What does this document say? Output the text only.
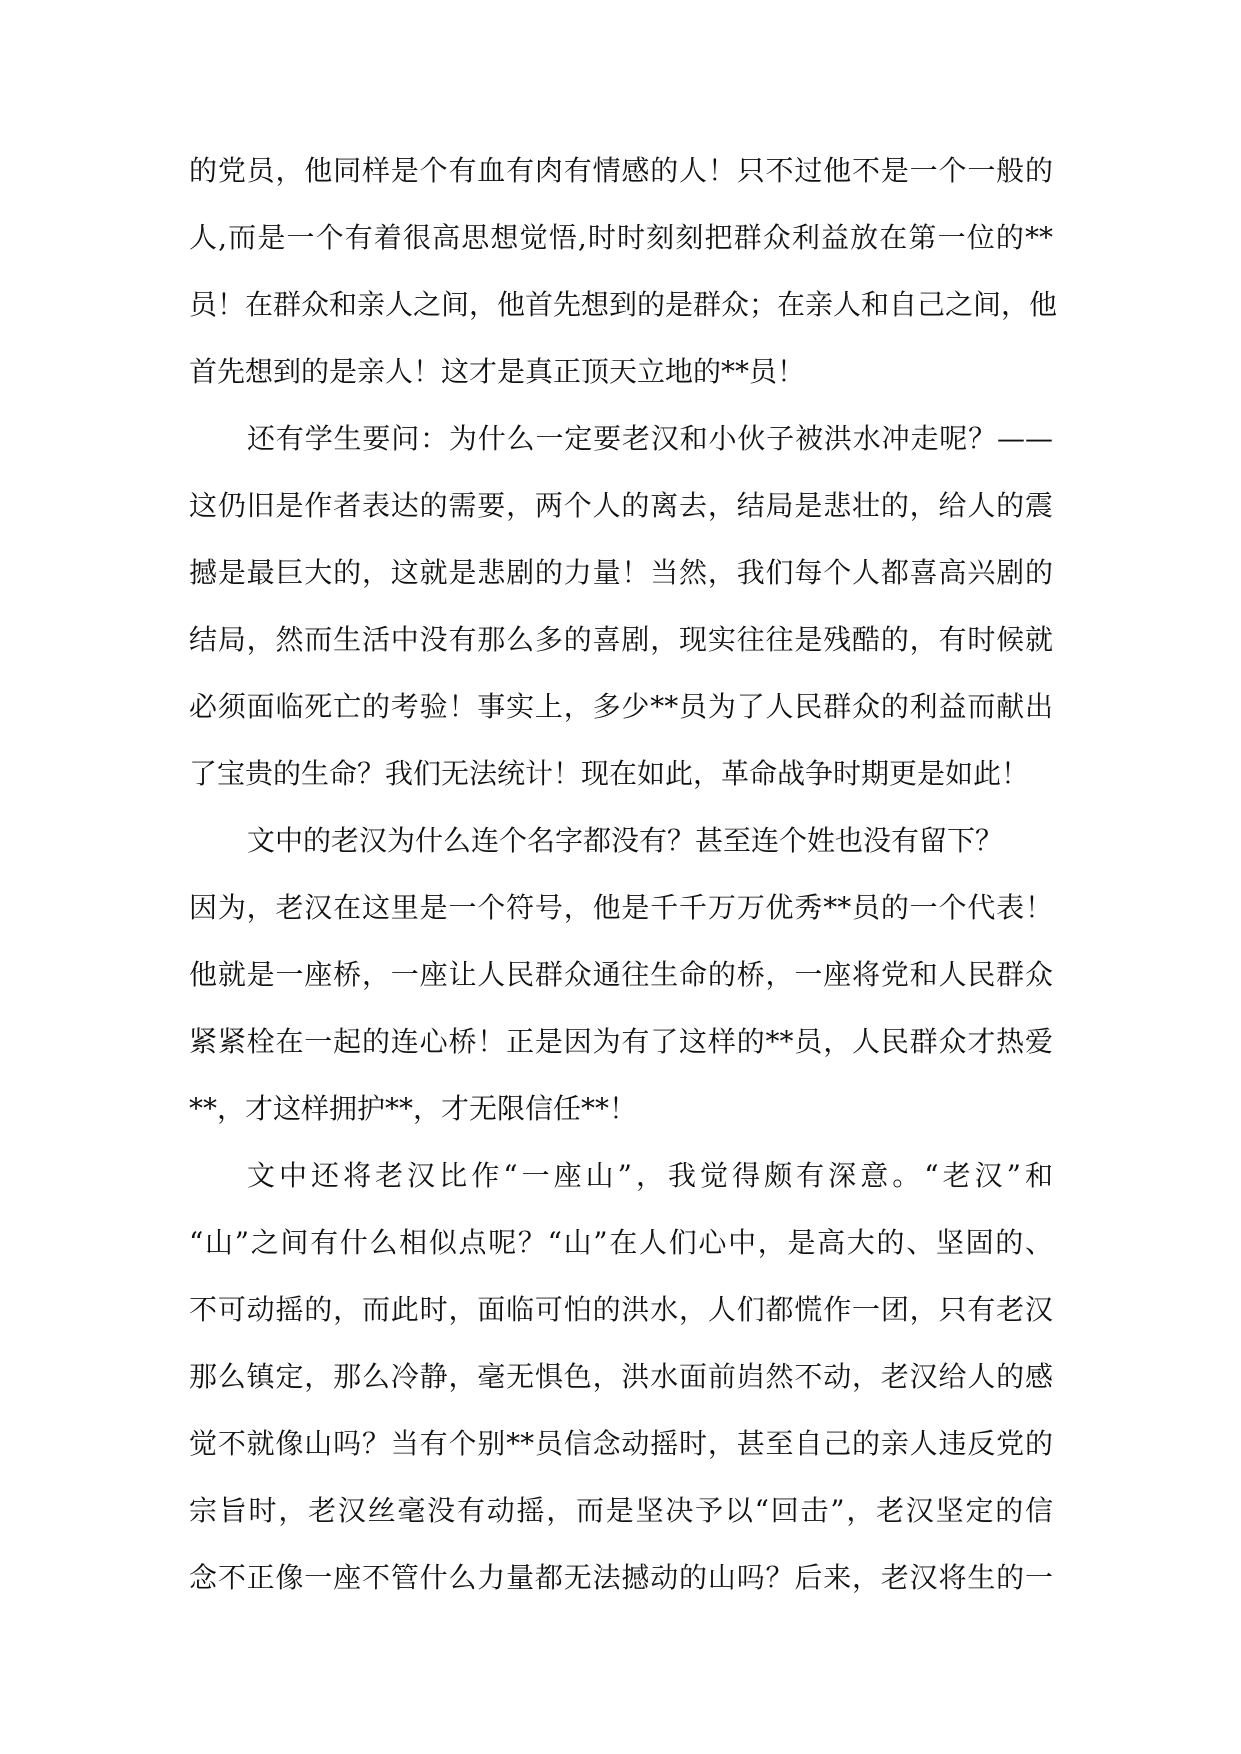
的党员，他同样是个有血有肉有情感的人！只不过他不是一个一般的
人,而是一个有着很高思想觉悟,时时刻刻把群众利益放在第一位的**
员！在群众和亲人之间，他首先想到的是群众；在亲人和自己之间，他
首先想到的是亲人！这才是真正顶天立地的**员！
还有学生要问：为什么一定要老汉和小伙子被洪水冲走呢？——
这仍旧是作者表达的需要，两个人的离去，结局是悲壮的，给人的震
撼是最巨大的，这就是悲剧的力量！当然，我们每个人都喜高兴剧的
结局，然而生活中没有那么多的喜剧，现实往往是残酷的，有时候就
必须面临死亡的考验！事实上，多少**员为了人民群众的利益而献出
了宝贵的生命？我们无法统计！现在如此，革命战争时期更是如此！
文中的老汉为什么连个名字都没有？甚至连个姓也没有留下？
因为，老汉在这里是一个符号，他是千千万万优秀**员的一个代表！
他就是一座桥，一座让人民群众通往生命的桥，一座将党和人民群众
紧紧栓在一起的连心桥！正是因为有了这样的**员，人民群众才热爱
**，才这样拥护**，才无限信任**！
文中还将老汉比作“一座山”，我觉得颇有深意。“老汉”和
“山”之间有什么相似点呢？“山”在人们心中，是高大的、坚固的、
不可动摇的，而此时，面临可怕的洪水，人们都慌作一团，只有老汉
那么镇定，那么冷静，毫无惧色，洪水面前岿然不动，老汉给人的感
觉不就像山吗？当有个别**员信念动摇时，甚至自己的亲人违反党的
宗旨时，老汉丝毫没有动摇，而是坚决予以“回击”，老汉坚定的信
念不正像一座不管什么力量都无法撼动的山吗？后来，老汉将生的一
